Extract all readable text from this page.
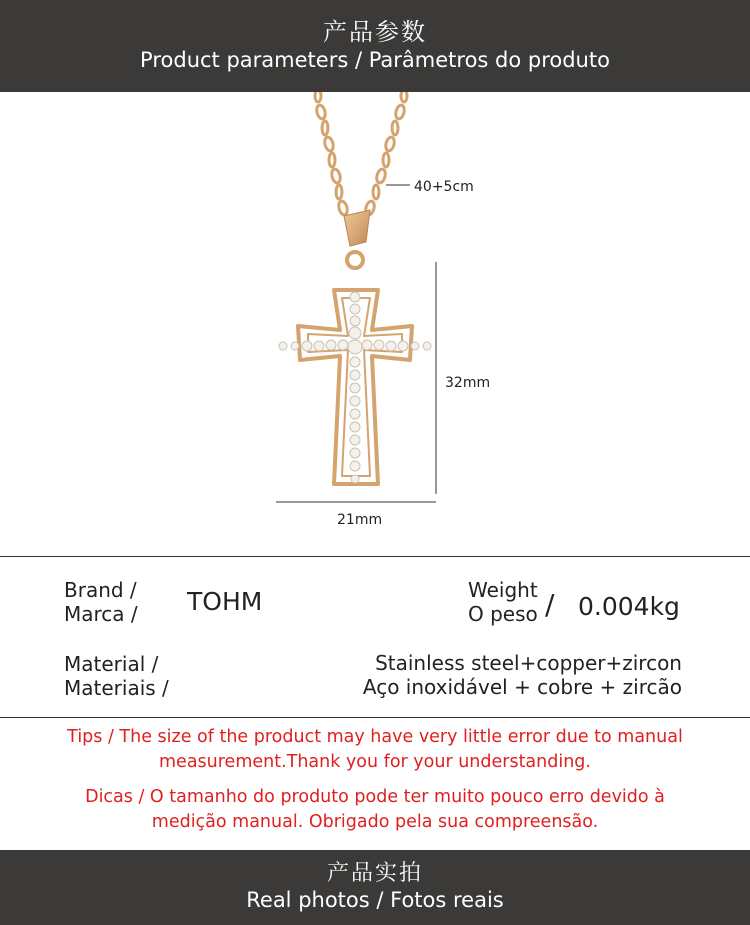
产品参数
Product parameters / Parâmetros do produto
40+5cm
32mm
21mm
Brand /
Marca / TOHM	Weight
O peso / 0.004kg
Material /
Materiais /
Stainless steel+copper+zircon
Aço inoxidável + cobre + zircão
Tips / The size of the product may have very little error due to manual
measurement.Thank you for your understanding.
Dicas / O tamanho do produto pode ter muito pouco erro devido à
medição manual. Obrigado pela sua compreensão.
产品实拍
Real photos / Fotos reais
